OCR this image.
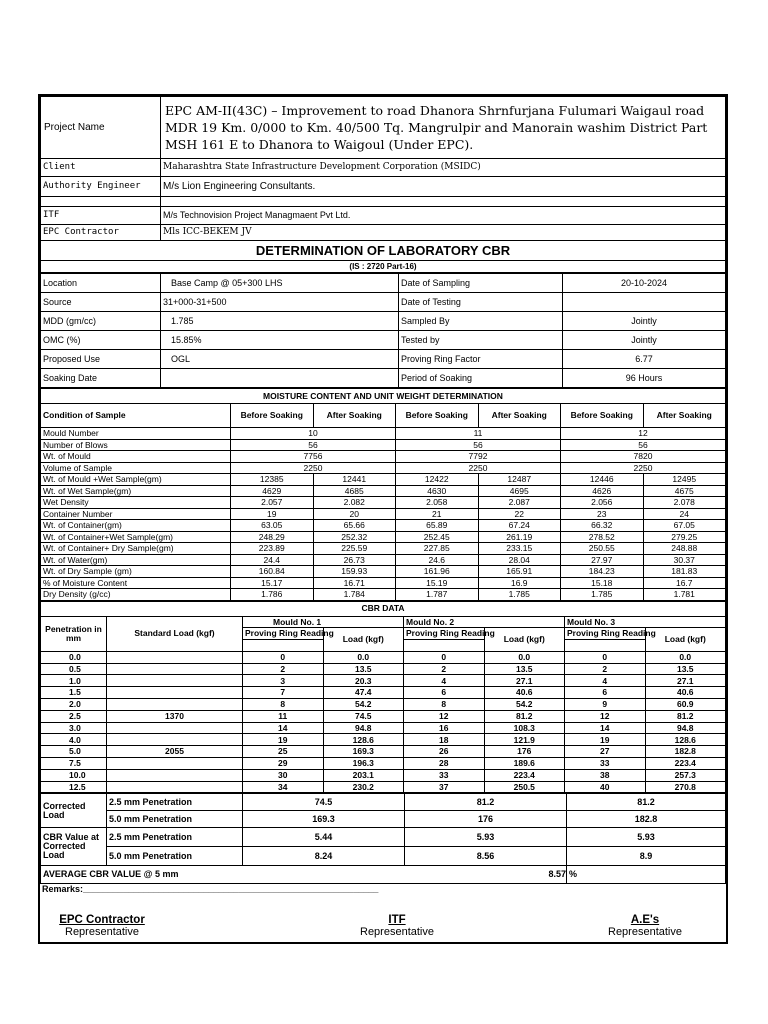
Project Name	EPC AM-II(43C) – Improvement to road Dhanora Shrnfurjana Fulumari Waigaul road MDR 19 Km. 0/000 to Km. 40/500 Tq. Mangrulpir and Manorain washim District Part MSH 161 E to Dhanora to Waigoul (Under EPC).
Client	Maharashtra State Infrastructure Development Corporation (MSIDC)
Authority Engineer	M/s Lion Engineering Consultants.

ITF	M/s Technovision Project Managmaent Pvt Ltd.
EPC Contractor	Mls ICC-BEKEM JV
DETERMINATION OF LABORATORY CBR	
(IS : 2720 Part-16)	
Location	Base Camp @ 05+300 LHS	Date of Sampling	20-10-2024
Source	31+000-31+500	Date of Testing	
MDD (gm/cc)	1.785	Sampled By	Jointly
OMC (%)	15.85%	Tested by	Jointly
Proposed Use	OGL	Proving Ring Factor	6.77
Soaking Date		Period of Soaking	96 Hours
MOISTURE CONTENT AND UNIT WEIGHT DETERMINATION						
Condition of Sample	Before Soaking	After Soaking	Before Soaking	After Soaking	Before Soaking	After Soaking
Mould Number	10		11		12	
Number of Blows	56		56		56	
Wt. of Mould	7756		7792		7820	
Volume of Sample	2250		2250		2250	
Wt. of Mould +Wet Sample(gm)	12385	12441	12422	12487	12446	12495
Wt. of Wet Sample(gm)	4629	4685	4630	4695	4626	4675
Wet Density	2.057	2.082	2.058	2.087	2.056	2.078
Container Number	19	20	21	22	23	24
Wt. of Container(gm)	63.05	65.66	65.89	67.24	66.32	67.05
Wt. of Container+Wet Sample(gm)	248.29	252.32	252.45	261.19	278.52	279.25
Wt. of Container+ Dry Sample(gm)	223.89	225.59	227.85	233.15	250.55	248.88
Wt. of Water(gm)	24.4	26.73	24.6	28.04	27.97	30.37
Wt. of Dry Sample (gm)	160.84	159.93	161.96	165.91	184.23	181.83
% of Moisture Content	15.17	16.71	15.19	16.9	15.18	16.7
Dry Density (g/cc)	1.786	1.784	1.787	1.785	1.785	1.781
CBR DATA							
Penetration in mm	Standard Load (kgf)	Mould No. 1		Mould No. 2		Mould No. 3	
		Proving Ring Reading	Load (kgf)	Proving Ring Reading	Load (kgf)	Proving Ring Reading	Load (kgf)

0.0		0	0.0	0	0.0	0	0.0
0.5		2	13.5	2	13.5	2	13.5
1.0		3	20.3	4	27.1	4	27.1
1.5		7	47.4	6	40.6	6	40.6
2.0		8	54.2	8	54.2	9	60.9
2.5	1370	11	74.5	12	81.2	12	81.2
3.0		14	94.8	16	108.3	14	94.8
4.0		19	128.6	18	121.9	19	128.6
5.0	2055	25	169.3	26	176	27	182.8
7.5		29	196.3	28	189.6	33	223.4
10.0		30	203.1	33	223.4	38	257.3
12.5		34	230.2	37	250.5	40	270.8
Corrected Load	2.5 mm Penetration	74.5	81.2	81.2
	5.0 mm Penetration	169.3	176	182.8
CBR Value at Corrected Load	2.5 mm Penetration	5.44	5.93	5.93
	5.0 mm Penetration	8.24	8.56	8.9
AVERAGE CBR VALUE @ 5 mm			8.57	%
Remarks:___________________________________________________________
EPC Contractor
Representative
ITF
Representative
A.E's
Representative
